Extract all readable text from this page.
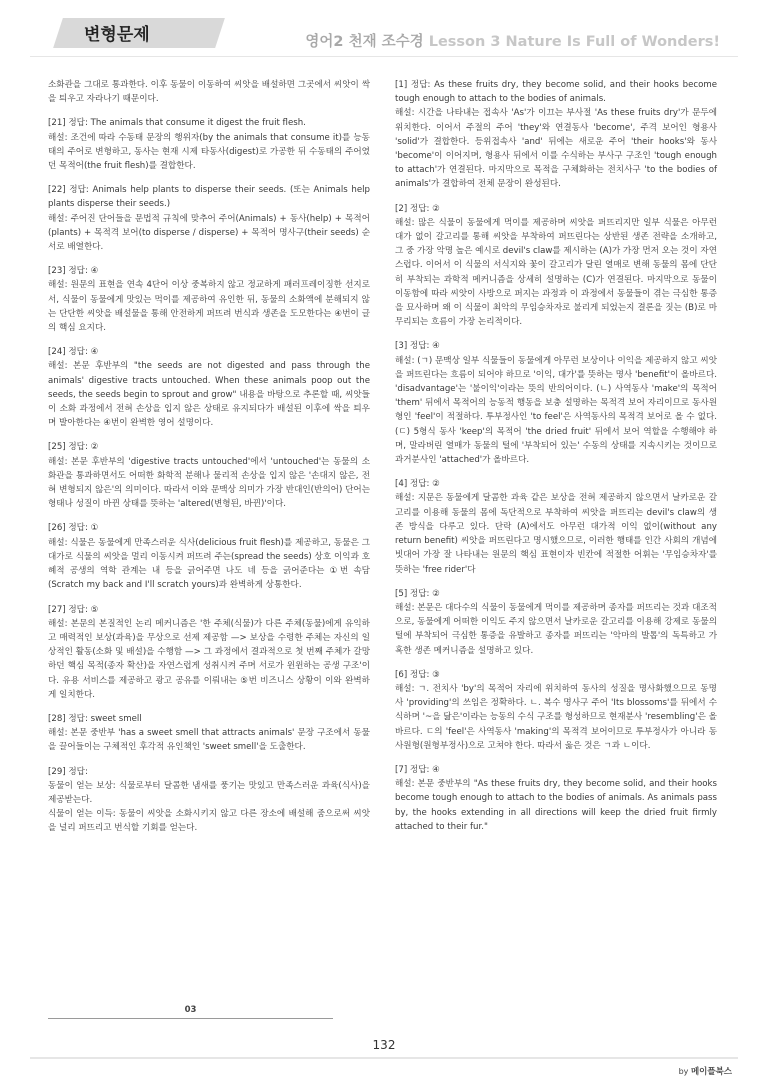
변형문제	영어2 천재 조수경 Lesson 3 Nature Is Full of Wonders!

소화관을 그대로 통과한다. 이후 동물이 이동하여 씨앗을 배설하면 그곳에서 씨앗이 싹을 틔우고 자라나기 때문이다.

[21] 정답: The animals that consume it digest the fruit flesh.

해설: 조건에 따라 수동태 문장의 행위자(by the animals that consume it)를 능동태의 주어로 변형하고, 동사는 현재 시제 타동사(digest)로 가공한 뒤 수동태의 주어였던 목적어(the fruit flesh)를 결합한다.

[22] 정답: Animals help plants to disperse their seeds. (또는 Animals help plants disperse their seeds.)

해설: 주어진 단어들을 문법적 규칙에 맞추어 주어(Animals) + 동사(help) + 목적어(plants) + 목적격 보어(to disperse / disperse) + 목적어 명사구(their seeds) 순서로 배열한다.

[23] 정답: ④

해설: 원문의 표현을 연속 4단어 이상 중복하지 않고 정교하게 패러프레이징한 선지로서, 식물이 동물에게 맛있는 먹이를 제공하여 유인한 뒤, 동물의 소화액에 분해되지 않는 단단한 씨앗을 배설물을 통해 안전하게 퍼뜨려 번식과 생존을 도모한다는 ④번이 글의 핵심 요지다.

[24] 정답: ④

해설: 본문 후반부의 "the seeds are not digested and pass through the animals' digestive tracts untouched. When these animals poop out the seeds, the seeds begin to sprout and grow" 내용을 바탕으로 추론할 때, 씨앗들이 소화 과정에서 전혀 손상을 입지 않은 상태로 유지되다가 배설된 이후에 싹을 틔우며 발아한다는 ④번이 완벽한 영어 설명이다.

[25] 정답: ②

해설: 본문 후반부의 'digestive tracts untouched'에서 'untouched'는 동물의 소화관을 통과하면서도 어떠한 화학적 분해나 물리적 손상을 입지 않은 '손대지 않은, 전혀 변형되지 않은'의 의미이다. 따라서 이와 문맥상 의미가 가장 반대인(반의어) 단어는 형태나 성질이 바뀐 상태를 뜻하는 'altered(변형된, 바뀐)'이다.

[26] 정답: ①

해설: 식물은 동물에게 만족스러운 식사(delicious fruit flesh)를 제공하고, 동물은 그 대가로 식물의 씨앗을 멀리 이동시켜 퍼뜨려 주는(spread the seeds) 상호 이익과 호혜적 공생의 역학 관계는 내 등을 긁어주면 나도 네 등을 긁어준다는 ①번 속담(Scratch my back and I'll scratch yours)과 완벽하게 상통한다.

[27] 정답: ⑤

해설: 본문의 본질적인 논리 메커니즘은 '한 주체(식물)가 다른 주체(동물)에게 유익하고 매력적인 보상(과육)을 무상으로 선제 제공함 —> 보상을 수령한 주체는 자신의 일상적인 활동(소화 및 배설)을 수행함 —> 그 과정에서 결과적으로 첫 번째 주체가 갈망하던 핵심 목적(종자 확산)을 자연스럽게 성취시켜 주며 서로가 윈윈하는 공생 구조'이다. 유용 서비스를 제공하고 광고 공유를 이뤄내는 ⑤번 비즈니스 상황이 이와 완벽하게 일치한다.

[28] 정답: sweet smell

해설: 본문 중반부 'has a sweet smell that attracts animals' 문장 구조에서 동물을 끌어들이는 구체적인 후각적 유인책인 'sweet smell'을 도출한다.

[29] 정답:

동물이 얻는 보상: 식물로부터 달콤한 냄새를 풍기는 맛있고 만족스러운 과육(식사)을 제공받는다.

식물이 얻는 이득: 동물이 씨앗을 소화시키지 않고 다른 장소에 배설해 줌으로써 씨앗을 널리 퍼뜨리고 번식할 기회를 얻는다.

[1] 정답: As these fruits dry, they become solid, and their hooks become tough enough to attach to the bodies of animals.

해설: 시간을 나타내는 접속사 'As'가 이끄는 부사절 'As these fruits dry'가 문두에 위치한다. 이어서 주절의 주어 'they'와 연결동사 'become', 주격 보어인 형용사 'solid'가 결합한다. 등위접속사 'and' 뒤에는 새로운 주어 'their hooks'와 동사 'become'이 이어지며, 형용사 뒤에서 이를 수식하는 부사구 구조인 'tough enough to attach'가 연결된다. 마지막으로 목적을 구체화하는 전치사구 'to the bodies of animals'가 결합하여 전체 문장이 완성된다.

[2] 정답: ②

해설: 많은 식물이 동물에게 먹이를 제공하며 씨앗을 퍼뜨리지만 일부 식물은 아무런 대가 없이 갈고리를 통해 씨앗을 부착하여 퍼뜨린다는 상반된 생존 전략을 소개하고, 그 중 가장 악명 높은 예시로 devil's claw를 제시하는 (A)가 가장 먼저 오는 것이 자연스럽다. 이어서 이 식물의 서식지와 꽃이 갈고리가 달린 열매로 변해 동물의 몸에 단단히 부착되는 과학적 메커니즘을 상세히 설명하는 (C)가 연결된다. 마지막으로 동물이 이동함에 따라 씨앗이 사방으로 퍼지는 과정과 이 과정에서 동물들이 겪는 극심한 통증을 묘사하며 왜 이 식물이 최악의 무임승차자로 불리게 되었는지 결론을 짓는 (B)로 마무리되는 흐름이 가장 논리적이다.

[3] 정답: ④

해설: (ㄱ) 문맥상 일부 식물들이 동물에게 아무런 보상이나 이익을 제공하지 않고 씨앗을 퍼뜨린다는 흐름이 되어야 하므로 '이익, 대가'를 뜻하는 명사 'benefit'이 올바르다. 'disadvantage'는 '불이익'이라는 뜻의 반의어이다. (ㄴ) 사역동사 'make'의 목적어 'them' 뒤에서 목적어의 능동적 행동을 보충 설명하는 목적격 보어 자리이므로 동사원형인 'feel'이 적절하다. 투부정사인 'to feel'은 사역동사의 목적격 보어로 올 수 없다. (ㄷ) 5형식 동사 'keep'의 목적어 'the dried fruit' 뒤에서 보어 역할을 수행해야 하며, 말라버린 열매가 동물의 털에 '부착되어 있는' 수동의 상태를 지속시키는 것이므로 과거분사인 'attached'가 올바르다.

[4] 정답: ②

해설: 지문은 동물에게 달콤한 과육 같은 보상을 전혀 제공하지 않으면서 날카로운 갈고리를 이용해 동물의 몸에 독단적으로 부착하여 씨앗을 퍼뜨리는 devil's claw의 생존 방식을 다루고 있다. 단락 (A)에서도 아무런 대가적 이익 없이(without any return benefit) 씨앗을 퍼뜨린다고 명시했으므로, 이러한 행태를 인간 사회의 개념에 빗대어 가장 잘 나타내는 원문의 핵심 표현이자 빈칸에 적절한 어휘는 '무임승차자'를 뜻하는 'free rider'다

[5] 정답: ②

해설: 본문은 대다수의 식물이 동물에게 먹이를 제공하며 종자를 퍼뜨리는 것과 대조적으로, 동물에게 어떠한 이익도 주지 않으면서 날카로운 갈고리를 이용해 강제로 동물의 털에 부착되어 극심한 통증을 유발하고 종자를 퍼뜨리는 '악마의 발톱'의 독특하고 가혹한 생존 메커니즘을 설명하고 있다.

[6] 정답: ③

해설: ㄱ. 전치사 'by'의 목적어 자리에 위치하여 동사의 성질을 명사화했으므로 동명사 'providing'의 쓰임은 정확하다. ㄴ. 복수 명사구 주어 'Its blossoms'를 뒤에서 수식하며 '~을 닮은'이라는 능동의 수식 구조를 형성하므로 현재분사 'resembling'은 올바르다. ㄷ의 'feel'은 사역동사 'making'의 목적격 보어이므로 투부정사가 아니라 동사원형(원형부정사)으로 고쳐야 한다. 따라서 옳은 것은 ㄱ과 ㄴ이다.

[7] 정답: ④

해설: 본문 중반부의 "As these fruits dry, they become solid, and their hooks become tough enough to attach to the bodies of animals. As animals pass by, the hooks extending in all directions will keep the dried fruit firmly attached to their fur."

03
132
by 메이플북스
